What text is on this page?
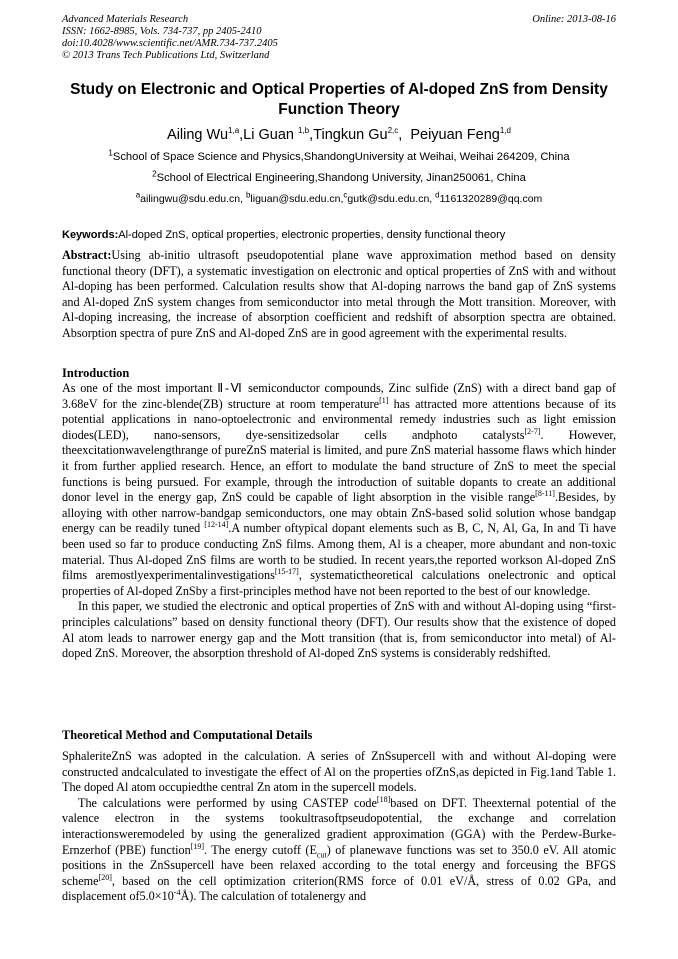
Advanced Materials Research
ISSN: 1662-8985, Vols. 734-737, pp 2405-2410
doi:10.4028/www.scientific.net/AMR.734-737.2405
© 2013 Trans Tech Publications Ltd, Switzerland
Online: 2013-08-16
Study on Electronic and Optical Properties of Al-doped ZnS from Density Function Theory
Ailing Wu$^{1,a}$,Li Guan $^{1,b}$,Tingkun Gu$^{2,c}$,  Peiyuan Feng$^{1,d}$
$^1$School of Space Science and Physics,ShandongUniversity at Weihai, Weihai 264209, China
$^2$School of Electrical Engineering,Shandong University, Jinan250061, China
$^a$ailingwu@sdu.edu.cn, $^b$liguan@sdu.edu.cn,$^c$gutk@sdu.edu.cn, $^d$1161320289@qq.com
Keywords:Al-doped ZnS, optical properties, electronic properties, density functional theory

Abstract:Using ab-initio ultrasoft pseudopotential plane wave approximation method based on density functional theory (DFT), a systematic investigation on electronic and optical properties of ZnS with and without Al-doping has been performed. Calculation results show that Al-doping narrows the band gap of ZnS systems and Al-doped ZnS system changes from semiconductor into metal through the Mott transition. Moreover, with Al-doping increasing, the increase of absorption coefficient and redshift of absorption spectra are obtained. Absorption spectra of pure ZnS and Al-doped ZnS are in good agreement with the experimental results.

Introduction

As one of the most important Ⅱ-Ⅵ semiconductor compounds, Zinc sulfide (ZnS) with a direct band gap of 3.68eV for the zinc-blende(ZB) structure at room temperature[1] has attracted more attentions because of its potential applications in nano-optoelectronic and environmental remedy industries such as light emission diodes(LED), nano-sensors, dye-sensitizedsolar cells andphoto catalysts[2-7]. However, theexcitationwavelengthrange of pureZnS material is limited, and pure ZnS material hassome flaws which hinder it from further applied research. Hence, an effort to modulate the band structure of ZnS to meet the special functions is being pursued. For example, through the introduction of suitable dopants to create an additional donor level in the energy gap, ZnS could be capable of light absorption in the visible range[8-11].Besides, by alloying with other narrow-bandgap semiconductors, one may obtain ZnS-based solid solution whose bandgap energy can be readily tuned [12-14].A number oftypical dopant elements such as B, C, N, Al, Ga, In and Ti have been used so far to produce conducting ZnS films. Among them, Al is a cheaper, more abundant and non-toxic material. Thus Al-doped ZnS films are worth to be studied. In recent years,the reported workson Al-doped ZnS films aremostlyexperimentalinvestigations[15-17], systematictheoretical calculations onelectronic and optical properties of Al-doped ZnSby a first-principles method have not been reported to the best of our knowledge.

In this paper, we studied the electronic and optical properties of ZnS with and without Al-doping using “first-principles calculations” based on density functional theory (DFT). Our results show that the existence of doped Al atom leads to narrower energy gap and the Mott transition (that is, from semiconductor into metal) of Al-doped ZnS. Moreover, the absorption threshold of Al-doped ZnS systems is considerably redshifted.

Theoretical Method and Computational Details

SphaleriteZnS was adopted in the calculation. A series of ZnSsupercell with and without Al-doping were constructed andcalculated to investigate the effect of Al on the properties ofZnS,as depicted in Fig.1and Table 1. The doped Al atom occupiedthe central Zn atom in the supercell models.

The calculations were performed by using CASTEP code[18]based on DFT. Theexternal potential of the valence electron in the systems tookultrasoftpseudopotential, the exchange and correlation interactionsweremodeled by using the generalized gradient approximation (GGA) with the Perdew-Burke-Ernzerhof (PBE) function[19]. The energy cutoff $(E_{cut})$ of planewave functions was set to 350.0 eV. All atomic positions in the ZnSsupercell have been relaxed according to the total energy and forceusing the BFGS scheme[20], based on the cell optimization criterion(RMS force of 0.01 eV/Å, stress of 0.02 GPa, and displacement $of5.0\times 10^{-4}Å$). The calculation of totalenergy and
